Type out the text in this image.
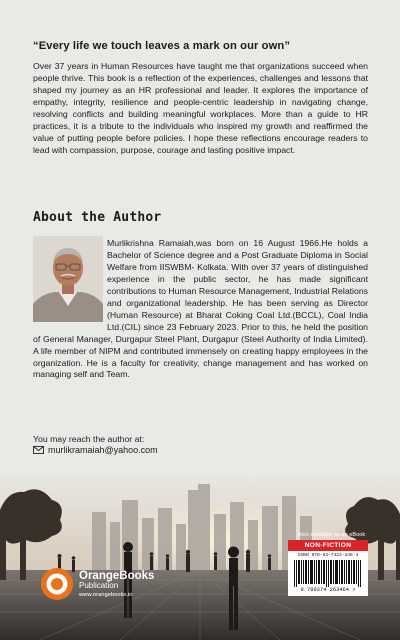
“Every life we touch leaves a mark on our own”
Over 37 years in Human Resources have taught me that organizations succeed when people thrive. This book is a reflection of the experiences, challenges and lessons that shaped my journey as an HR professional and leader. It explores the importance of empathy, integrity, resilience and people-centric leadership in navigating change, resolving conflicts and building meaningful workplaces. More than a guide to HR practices, it is a tribute to the individuals who inspired my growth and reaffirmed the value of putting people before policies. I hope these reflections encourage readers to lead with compassion, purpose, courage and lasting positive impact.
About the Author
Murlikrishna Ramaiah,was born on 16 August 1966.He holds a Bachelor of Science degree and a Post Graduate Diploma in Social Welfare from IISWBM- Kolkata. With over 37 years of distinguished experience in the public sector, he has made significant contributions to Human Resource Management, Industrial Relations and organizational leadership. He has been serving as Director (Human Resource) at Bharat Coking Coal Ltd.(BCCL), Coal India Ltd.(CIL) since 23 February 2023. Prior to this, he held the position of General Manager, Durgapur Steel Plant, Durgapur (Steel Authority of India Limited). A life member of NIPM and contributed immensely on creating happy employees in the organization. He is a faculty for creativity, change management and has worked on managing self and Team.
You may reach the author at:
murlikramaiah@yahoo.com
OrangeBooks
Publication
www.orangebooks.in
Also available as an eBook
NON-FICTION
ISBN 978-93-7424-346-4
9 789374 263464 >
